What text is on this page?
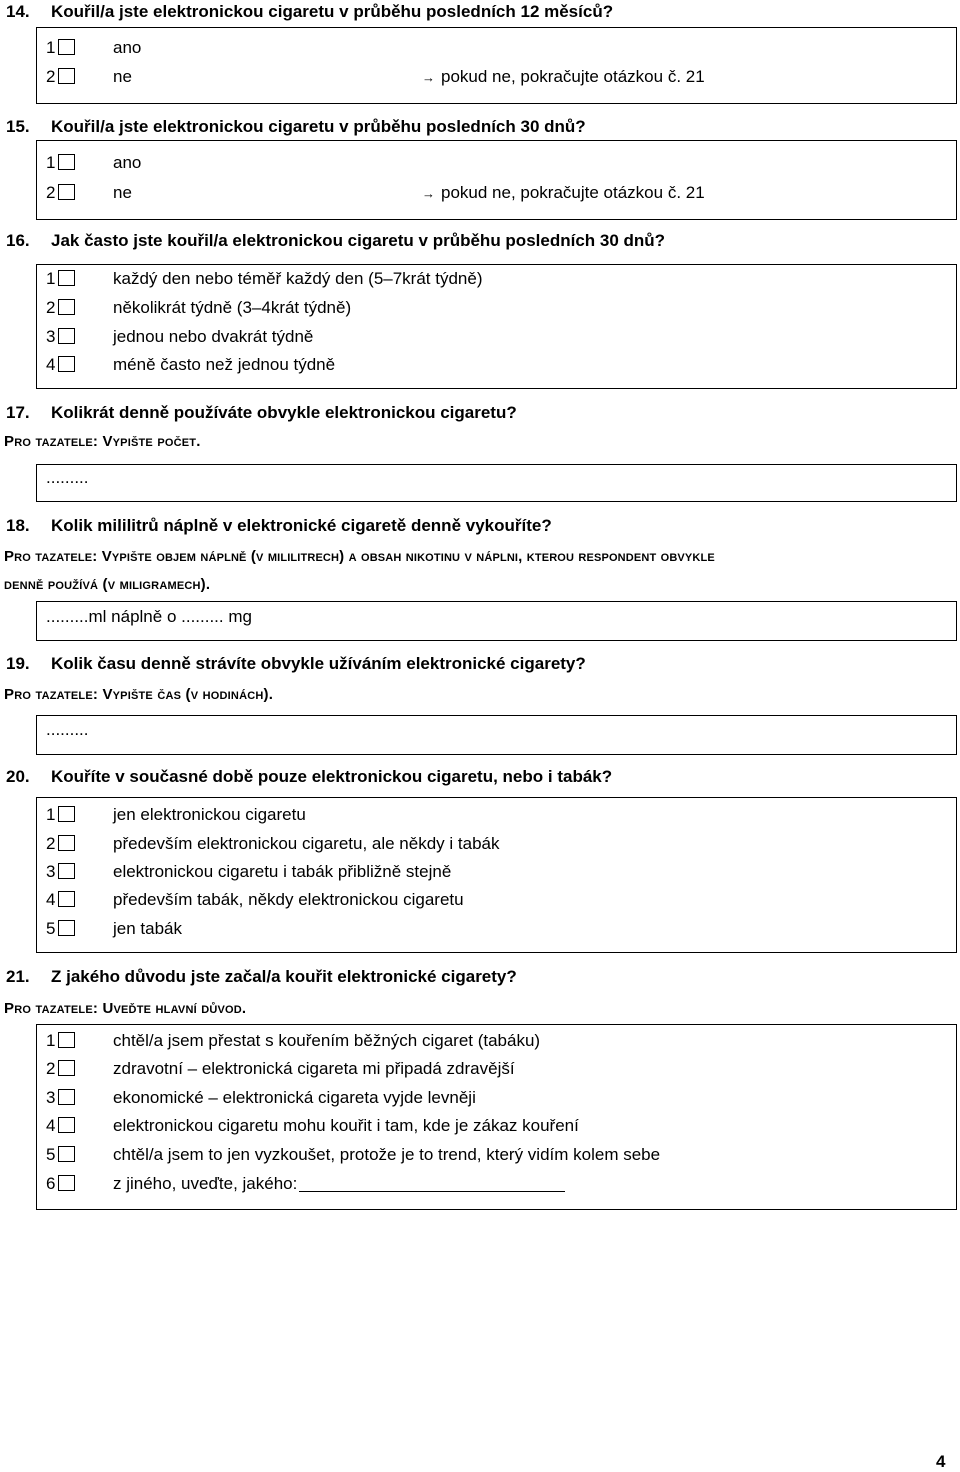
14. Kouřil/a jste elektronickou cigaretu v průběhu posledních 12 měsíců?
1	ano
2	ne	→ pokud ne, pokračujte otázkou č. 21
15. Kouřil/a jste elektronickou cigaretu v průběhu posledních 30 dnů?
1	ano
2	ne	→ pokud ne, pokračujte otázkou č. 21
16. Jak často jste kouřil/a elektronickou cigaretu v průběhu posledních 30 dnů?
1	každý den nebo téměř každý den (5–7krát týdně)
2	několikrát týdně (3–4krát týdně)
3	jednou nebo dvakrát týdně
4	méně často než jednou týdně
17. Kolikrát denně používáte obvykle elektronickou cigaretu?
Pro tazatele: Vypište počet.
.........
18. Kolik mililitrů náplně v elektronické cigaretě denně vykouříte?
Pro tazatele: Vypište objem náplně (v mililitrech) a obsah nikotinu v náplni, kterou respondent obvykle
denně používá (v miligramech).
.........ml náplně o ......... mg
19. Kolik času denně strávíte obvykle užíváním elektronické cigarety?
Pro tazatele: Vypište čas (v hodinách).
.........
20. Kouříte v současné době pouze elektronickou cigaretu, nebo i tabák?
1	jen elektronickou cigaretu
2	především elektronickou cigaretu, ale někdy i tabák
3	elektronickou cigaretu i tabák přibližně stejně
4	především tabák, někdy elektronickou cigaretu
5	jen tabák
21. Z jakého důvodu jste začal/a kouřit elektronické cigarety?
Pro tazatele: Uveďte hlavní důvod.
1	chtěl/a jsem přestat s kouřením běžných cigaret (tabáku)
2	zdravotní – elektronická cigareta mi připadá zdravější
3	ekonomické – elektronická cigareta vyjde levněji
4	elektronickou cigaretu mohu kouřit i tam, kde je zákaz kouření
5	chtěl/a jsem to jen vyzkoušet, protože je to trend, který vidím kolem sebe
6	z jiného, uveďte, jakého:
4
